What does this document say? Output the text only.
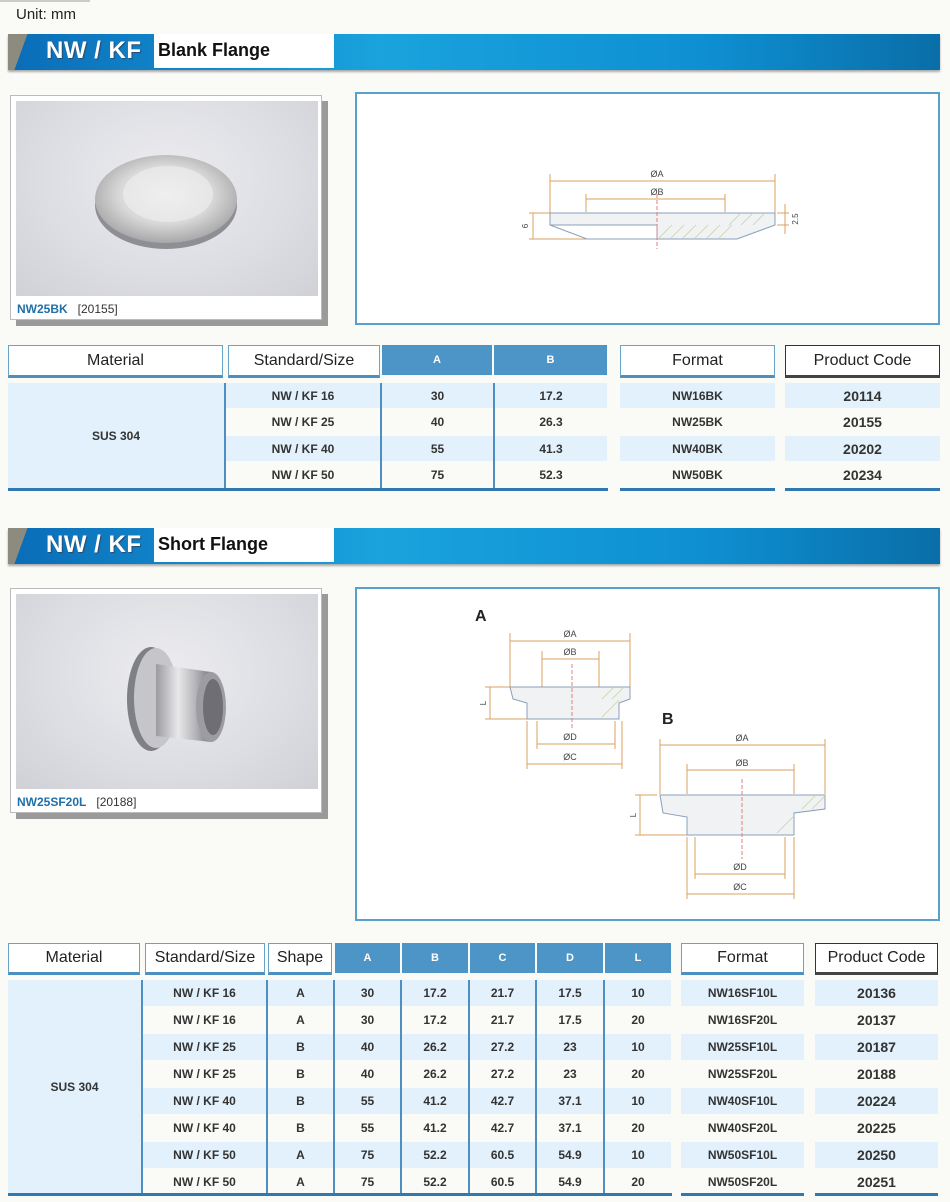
Unit: mm
NW / KF Blank Flange
NW25BK [20155]
ØA
ØB
6
2.5
Material	Standard/Size	A	B	Format	Product Code
SUS 304
NW / KF 16	30	17.2	NW16BK	20114
NW / KF 25	40	26.3	NW25BK	20155
NW / KF 40	55	41.3	NW40BK	20202
NW / KF 50	75	52.3	NW50BK	20234
NW / KF Short Flange
NW25SF20L [20188]
A
ØA
ØB
L
ØD
ØC
B
ØA
ØB
L
ØD
ØC
Material	Standard/Size	Shape	A	B	C	D	L	Format	Product Code
SUS 304
NW / KF 16	A	30	17.2	21.7	17.5	10	NW16SF10L	20136
NW / KF 16	A	30	17.2	21.7	17.5	20	NW16SF20L	20137
NW / KF 25	B	40	26.2	27.2	23	10	NW25SF10L	20187
NW / KF 25	B	40	26.2	27.2	23	20	NW25SF20L	20188
NW / KF 40	B	55	41.2	42.7	37.1	10	NW40SF10L	20224
NW / KF 40	B	55	41.2	42.7	37.1	20	NW40SF20L	20225
NW / KF 50	A	75	52.2	60.5	54.9	10	NW50SF10L	20250
NW / KF 50	A	75	52.2	60.5	54.9	20	NW50SF20L	20251
